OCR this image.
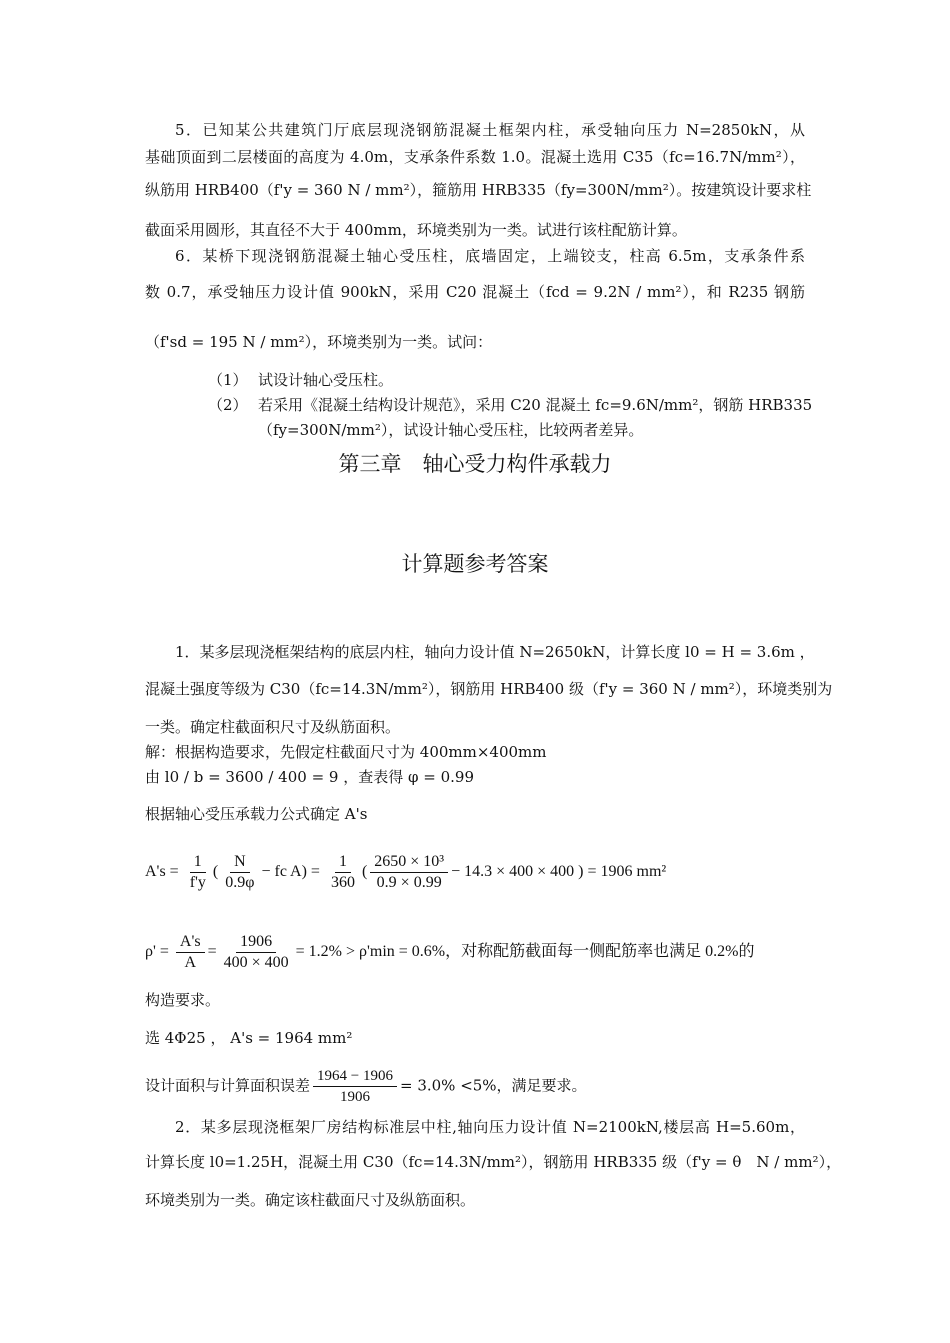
5．已知某公共建筑门厅底层现浇钢筋混凝土框架内柱，承受轴向压力 N=2850kN，从
基础顶面到二层楼面的高度为 4.0m，支承条件系数 1.0。混凝土选用 C35（fc=16.7N/mm²），
纵筋用 HRB400（f'y = 360 N / mm²），箍筋用 HRB335（fy=300N/mm²）。按建筑设计要求柱
截面采用圆形，其直径不大于 400mm，环境类别为一类。试进行该柱配筋计算。
6．某桥下现浇钢筋混凝土轴心受压柱，底墙固定，上端铰支，柱高 6.5m，支承条件系
数 0.7，承受轴压力设计值 900kN，采用 C20 混凝土（fcd = 9.2N / mm²），和 R235 钢筋
（f'sd = 195 N / mm²），环境类别为一类。试问：
（1） 试设计轴心受压柱。
（2） 若采用《混凝土结构设计规范》，采用 C20 混凝土 fc=9.6N/mm²，钢筋 HRB335
（fy=300N/mm²），试设计轴心受压柱，比较两者差异。
第三章　轴心受力构件承载力
计算题参考答案
1．某多层现浇框架结构的底层内柱，轴向力设计值 N=2650kN，计算长度 l0 = H = 3.6m ，
混凝土强度等级为 C30（fc=14.3N/mm²），钢筋用 HRB400 级（f'y = 360 N / mm²），环境类别为
一类。确定柱截面积尺寸及纵筋面积。
解：根据构造要求，先假定柱截面尺寸为 400mm×400mm
由 l0 / b = 3600 / 400 = 9 ，查表得 φ = 0.99
根据轴心受压承载力公式确定 A's
$A's = \frac{1}{f'y}$ ( $\frac{N}{0.9\varphi}$ − fc $A) = \frac{1}{360}$ ( $\frac{\text{2650 × 10³}}{0.9 \times 0.99} - 14.3 \times 400 \times 400$ ) = 1906 mm²
$\rho' = \frac{A's}{A} = \frac{1906}{400 \times 400} = 1.2\% > \rho'\min = 0.6\%$，对称配筋截面每一侧配筋率也满足 0.2%的
构造要求。
选 4Φ25 ， A's = 1964 mm²
设计面积与计算面积误差 $\frac{1964 - 1906}{1906} = 3.0\% <5\%$，满足要求。
2．某多层现浇框架厂房结构标准层中柱,轴向压力设计值 N=2100kN,楼层高 H=5.60m，
计算长度 l0=1.25H，混凝土用 C30（fc=14.3N/mm²），钢筋用 HRB335 级（f'y = θ　N / mm²），
环境类别为一类。确定该柱截面尺寸及纵筋面积。
